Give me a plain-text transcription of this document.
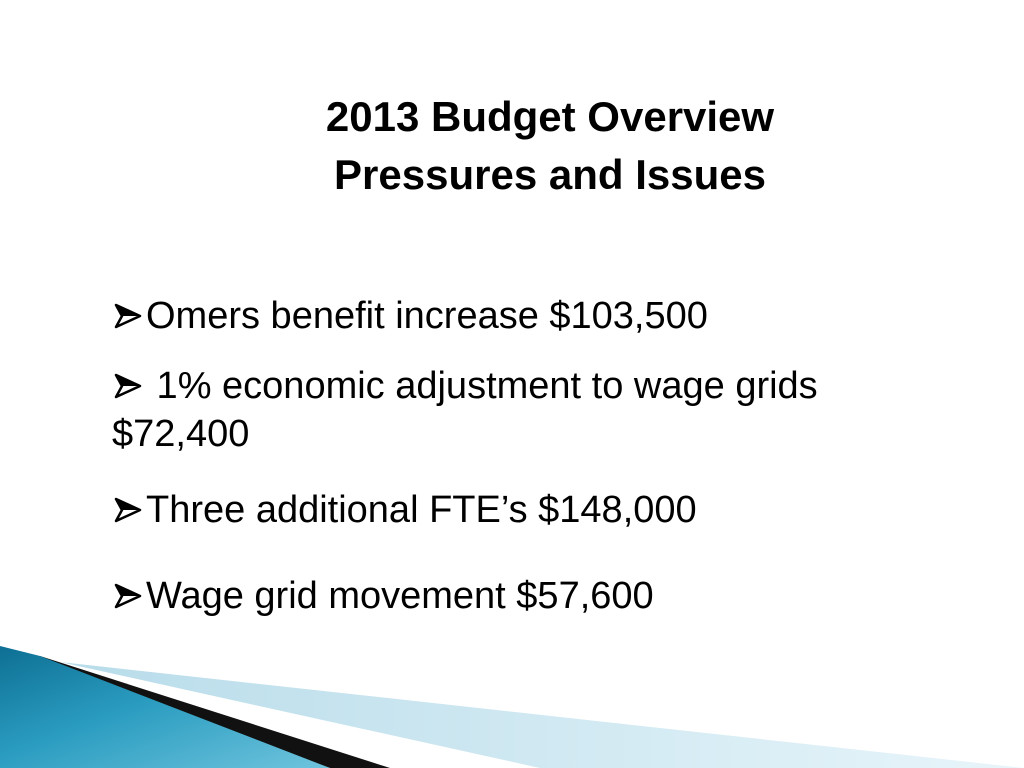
2013 Budget Overview
Pressures and Issues
Omers benefit increase $103,500
1% economic adjustment to wage grids
$72,400
Three additional FTE’s $148,000
Wage grid movement $57,600
